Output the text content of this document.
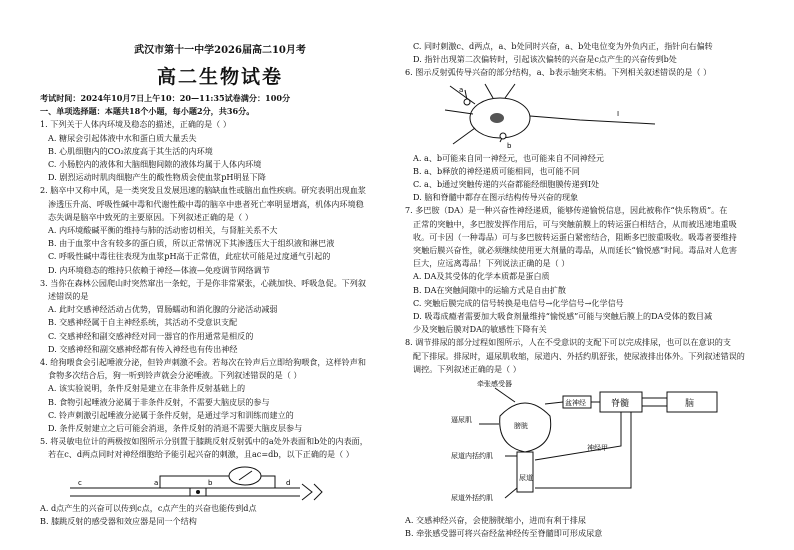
武汉市第十一中学2026届高二10月考
高二生物试卷

考试时间：2024年10月7日上午10：20—11:35试卷满分：100分

一、单项选择题：本题共18个小题，每小题2分，共36分。

1. 下列关于人体内环境及稳态的描述，正确的是（ ）

A. 糖尿会引起体液中水和蛋白质大量丢失

B. 心肌细胞内的CO₂浓度高于其生活的内环境

C. 小肠腔内的液体和大脑细胞间隙的液体均属于人体内环境

D. 剧烈运动时肌肉细胞产生的酸性物质会使血浆pH明显下降

2. 脑卒中又称中风，是一类突发且发展迅速的脑缺血性或脑出血性疾病。研究表明出现血浆

渗透压升高、呼吸性碱中毒和代谢性酸中毒的脑卒中患者死亡率明显增高，机体内环境稳

态失调是脑卒中致死的主要原因。下列叙述正确的是（ ）

A. 内环境酸碱平衡的维持与肺的活动密切相关，与肾脏关系不大

B. 由于血浆中含有较多的蛋白质，所以正常情况下其渗透压大于组织液和淋巴液

C. 呼吸性碱中毒往往表现为血浆pH高于正常值，此症状可能是过度通气引起的

D. 内环境稳态的维持只依赖于神经—体液—免疫调节网络调节

3. 当你在森林公园爬山时突然窜出一条蛇，于是你非常紧张，心跳加快、呼吸急促。下列叙

述错误的是

A. 此时交感神经活动占优势，胃肠蠕动和消化腺的分泌活动减弱

B. 交感神经属于自主神经系统，其活动不受意识支配

C. 交感神经和副交感神经对同一器官的作用通常是相反的

D. 交感神经和副交感神经都有传入神经也有传出神经

4. 给狗喂食会引起唾液分泌，但铃声刺激不会。若每次在铃声后立即给狗喂食，这样铃声和

食物多次结合后，狗一听到铃声就会分泌唾液。下列叙述错误的是（ ）

A. 该实验说明，条件反射是建立在非条件反射基础上的

B. 食物引起唾液分泌属于非条件反射，不需要大脑皮层的参与

C. 铃声刺激引起唾液分泌属于条件反射，是通过学习和训练而建立的

D. 条件反射建立之后可能会消退，条件反射的消退不需要大脑皮层参与

5. 将灵敏电位计的两极按如图所示分别置于膝跳反射反射弧中的a处外表面和b处的内表面，

若在c、d两点同时对神经细胞给予能引起兴奋的刺激，且ac=db，以下正确的是（ ）

c	a	b	d

A. d点产生的兴奋可以传到c点，c点产生的兴奋也能传到d点

B. 膝跳反射的感受器和效应器是同一个结构

C. 同时刺激c、d两点，a、b处同时兴奋，a、b处电位变为外负内正，指针向右偏转

D. 指针出现第二次偏转时，引起该次偏转的兴奋是c点产生的兴奋传到b处

6. 图示反射弧传导兴奋的部分结构，a、b表示轴突末梢。下列相关叙述错误的是（ ）

a
b
I

A. a、b可能来自同一神经元，也可能来自不同神经元

B. a、b释放的神经递质可能相同，也可能不同

C. a、b通过突触传递的兴奋都能经细胞膜传递到I处

D. 脑和脊髓中都存在图示结构传导兴奋的现象

7. 多巴胺（DA）是一种兴奋性神经递质，能够传递愉悦信息，因此被称作“快乐物质”。在

正常的突触中，多巴胺发挥作用后，可与突触前膜上的转运蛋白相结合，从而被迅速地重吸

收。可卡因（一种毒品）可与多巴胺转运蛋白紧密结合，阻断多巴胺重吸收。吸毒者要维持

突触后膜兴奋性，就必须继续使用更大剂量的毒品，从而延长“愉悦感”时间。毒品对人危害

巨大，应远离毒品！下列说法正确的是（ ）

A. DA及其受体的化学本质都是蛋白质

B. DA在突触间隙中的运输方式是自由扩散

C. 突触后膜完成的信号转换是电信号→化学信号→化学信号

D. 吸毒成瘾者需要加大吸食剂量维持“愉悦感”可能与突触后膜上的DA受体的数目减

少及突触后膜对DA的敏感性下降有关

8. 调节排尿的部分过程如图所示，人在不受意识的支配下可以完成排尿，也可以在意识的支

配下排尿。排尿时，逼尿肌收缩，尿道内、外括约肌舒张，使尿液排出体外。下列叙述错误的

调控。下列叙述正确的是（ ）

牵张感受器
膀胱
逼尿肌
盆神经	脊髓	脑
尿道
尿道内括约肌
尿道外括约肌
神经甲

A. 交感神经兴奋，会使膀胱缩小，进而有利于排尿

B. 牵张感受器可将兴奋经盆神经传至脊髓即可形成尿意
